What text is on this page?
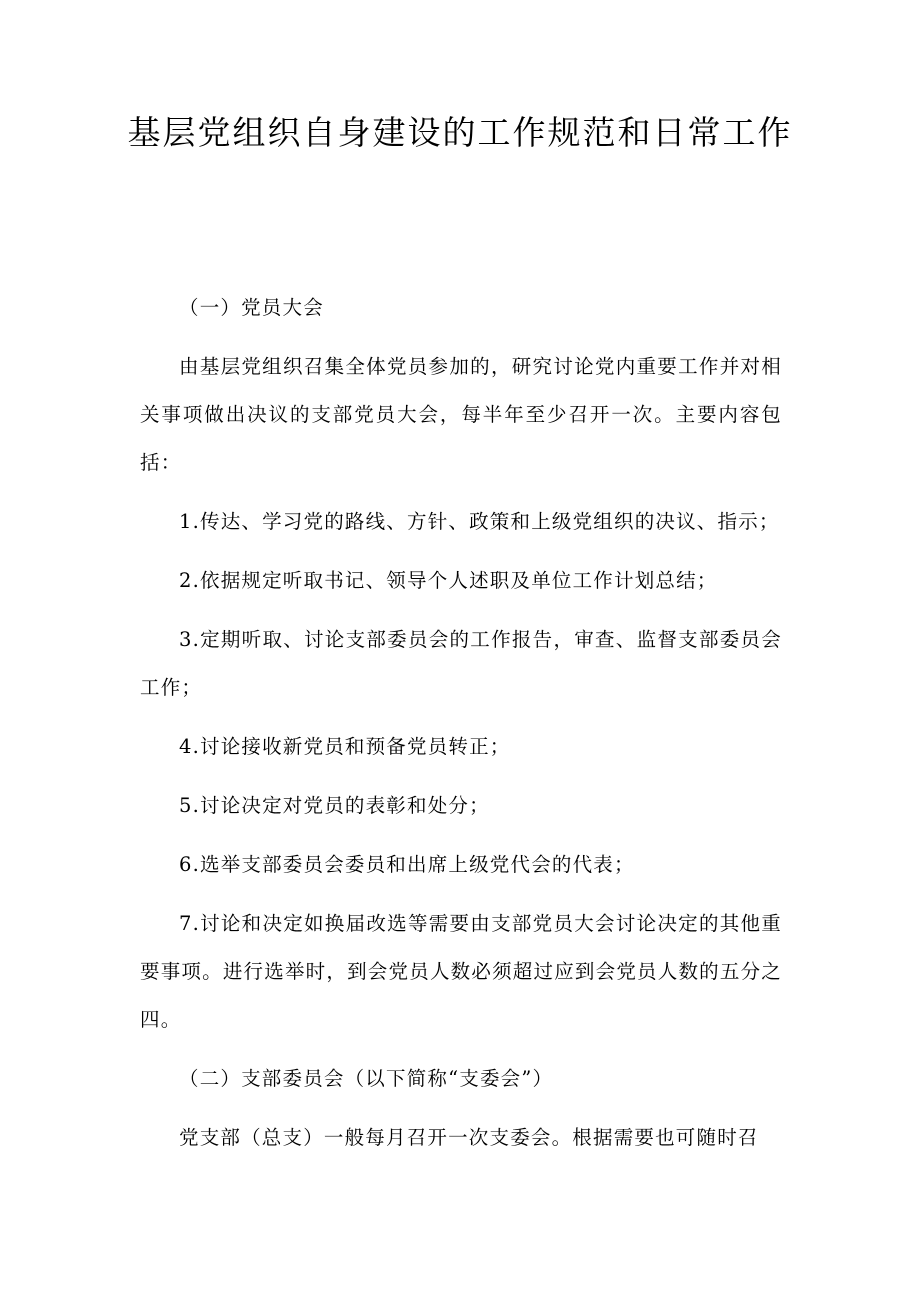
基层党组织自身建设的工作规范和日常工作

（一）党员大会

由基层党组织召集全体党员参加的，研究讨论党内重要工作并对相关事项做出决议的支部党员大会，每半年至少召开一次。主要内容包括：

1.传达、学习党的路线、方针、政策和上级党组织的决议、指示；

2.依据规定听取书记、领导个人述职及单位工作计划总结；

3.定期听取、讨论支部委员会的工作报告，审查、监督支部委员会工作；

4.讨论接收新党员和预备党员转正；

5.讨论决定对党员的表彰和处分；

6.选举支部委员会委员和出席上级党代会的代表；

7.讨论和决定如换届改选等需要由支部党员大会讨论决定的其他重要事项。进行选举时，到会党员人数必须超过应到会党员人数的五分之四。

（二）支部委员会（以下简称“支委会”）

党支部（总支）一般每月召开一次支委会。根据需要也可随时召
